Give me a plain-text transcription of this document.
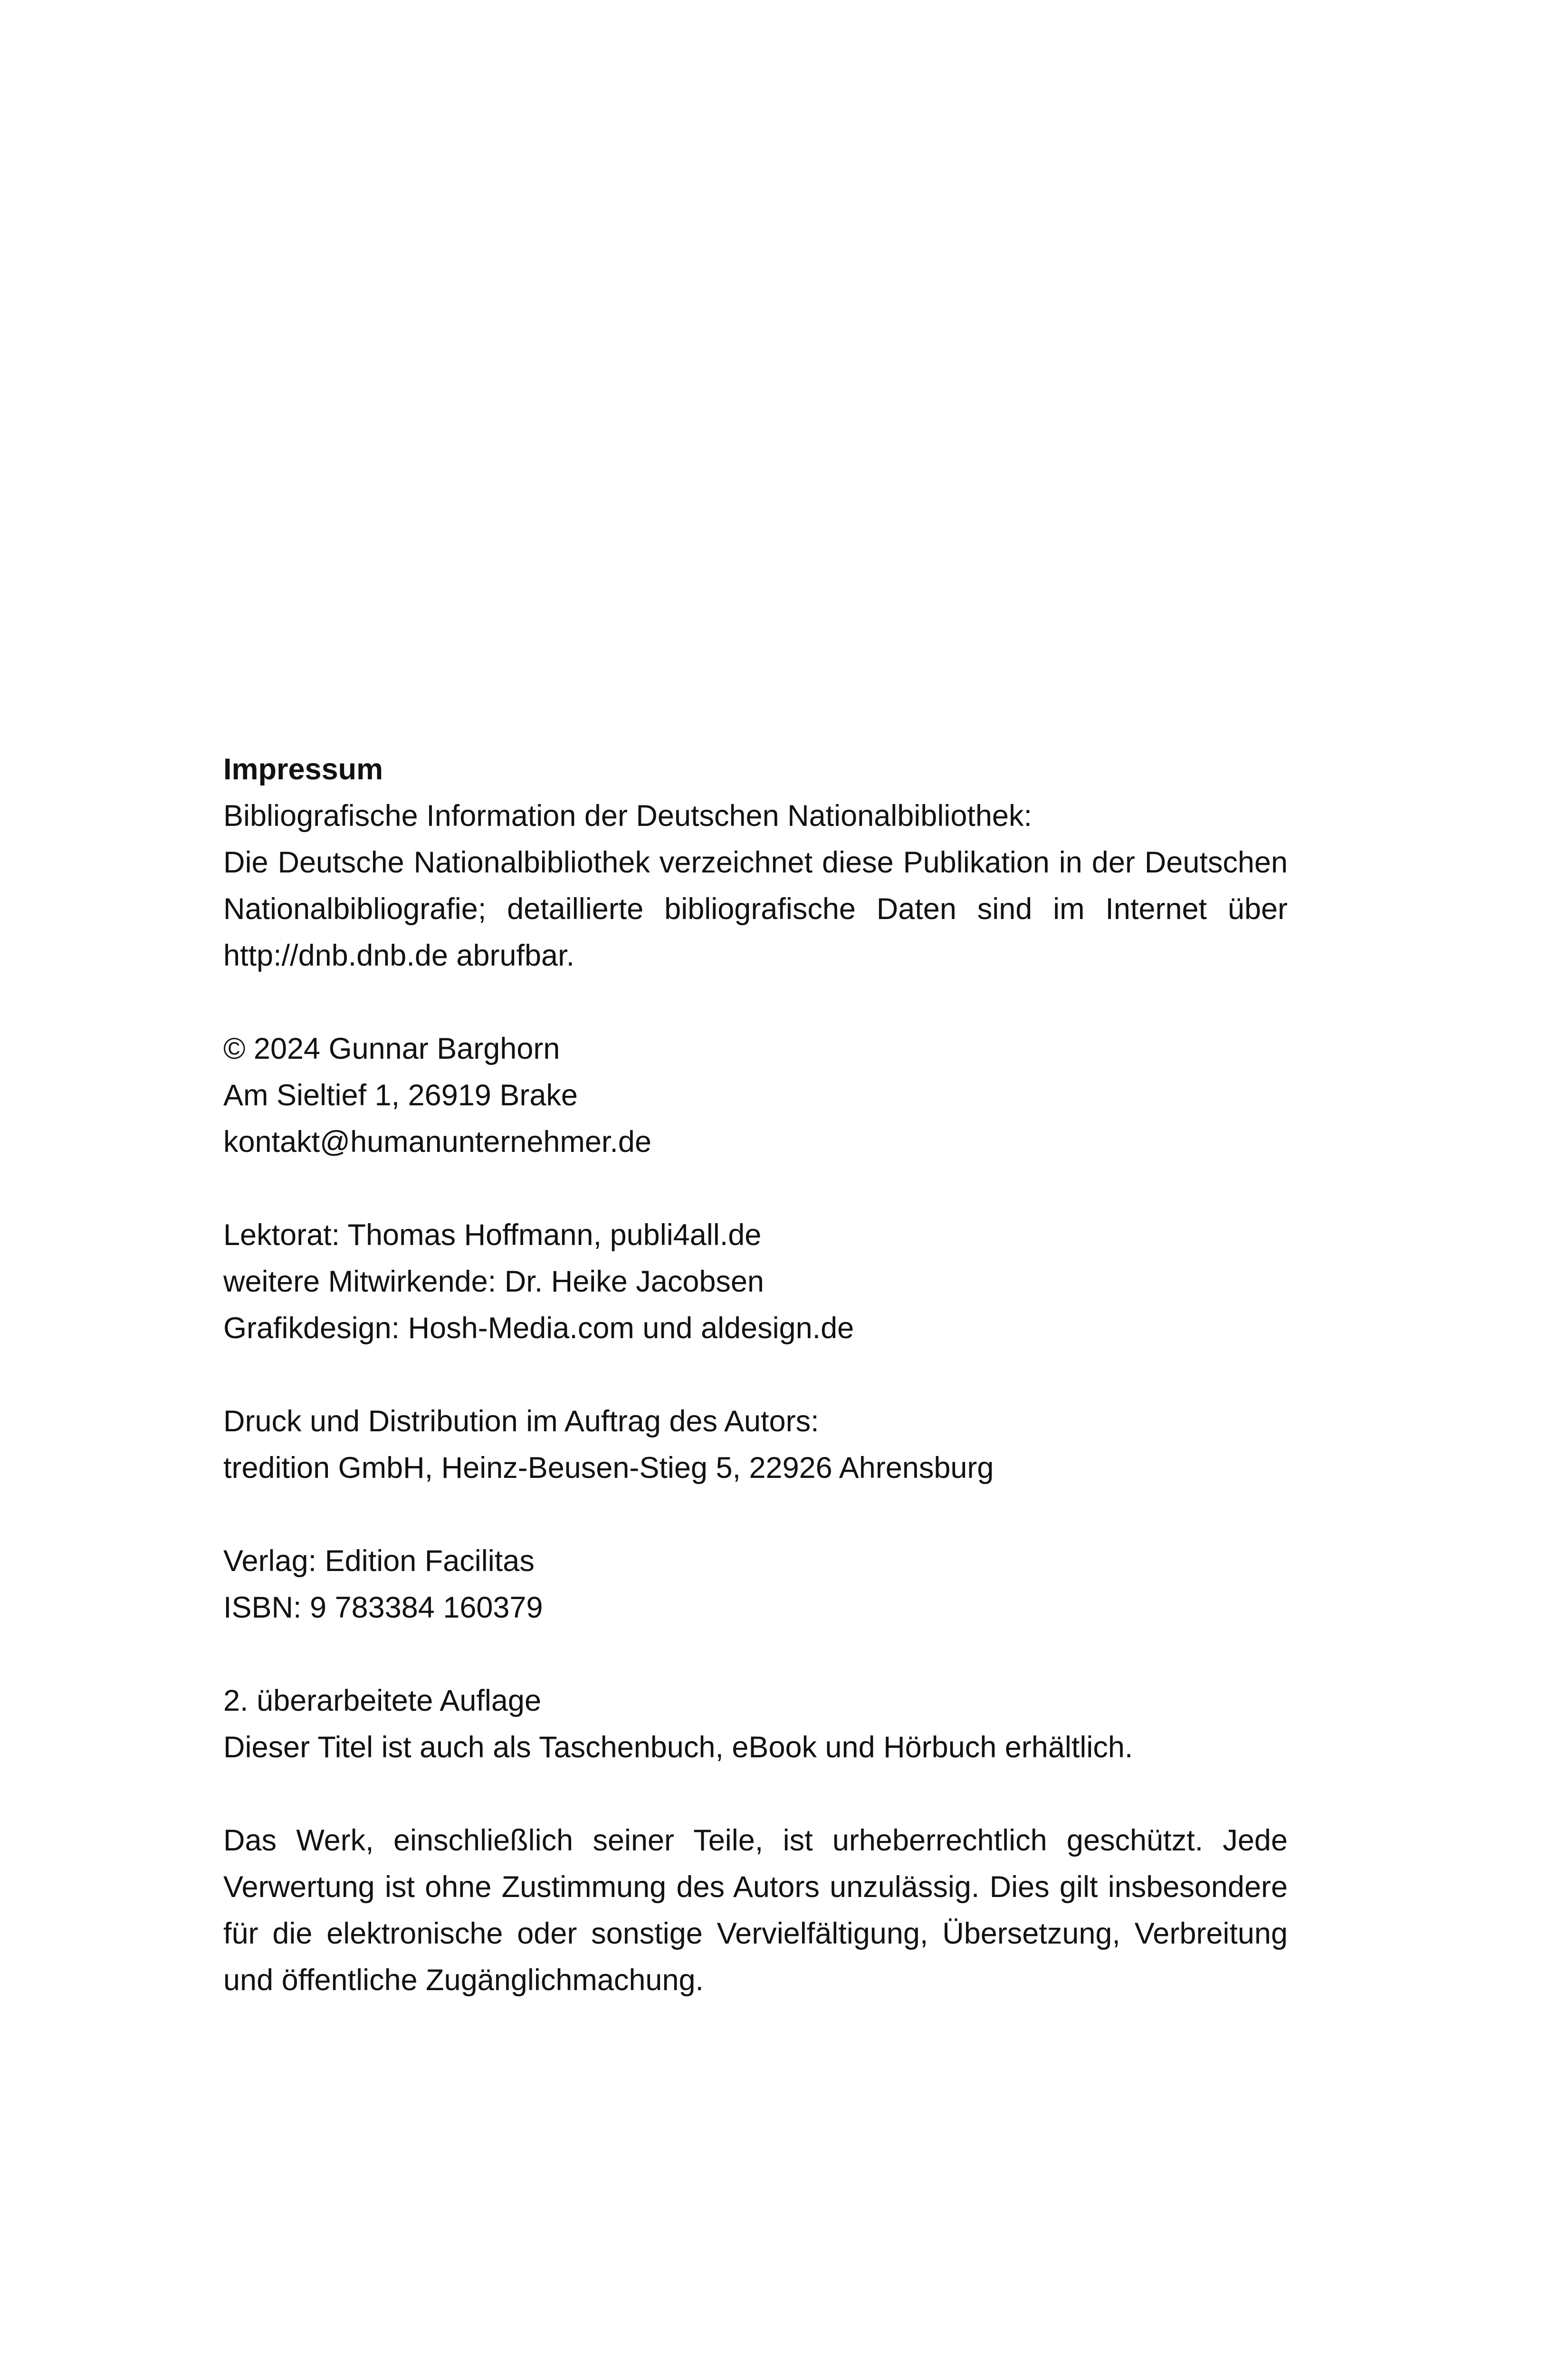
Impressum
Bibliografische Information der Deutschen Nationalbibliothek:
Die Deutsche Nationalbibliothek verzeichnet diese Publikation in der Deutschen Nationalbibliografie; detaillierte bibliografische Daten sind im Internet über http://dnb.dnb.de abrufbar.
© 2024 Gunnar Barghorn
Am Sieltief 1, 26919 Brake
kontakt@humanunternehmer.de
Lektorat: Thomas Hoffmann, publi4all.de
weitere Mitwirkende: Dr. Heike Jacobsen
Grafikdesign: Hosh-Media.com und aldesign.de
Druck und Distribution im Auftrag des Autors:
tredition GmbH, Heinz-Beusen-Stieg 5, 22926 Ahrensburg
Verlag: Edition Facilitas
ISBN: 9 783384 160379
2. überarbeitete Auflage
Dieser Titel ist auch als Taschenbuch, eBook und Hörbuch erhältlich.
Das Werk, einschließlich seiner Teile, ist urheberrechtlich geschützt. Jede Verwertung ist ohne Zustimmung des Autors unzulässig. Dies gilt insbesondere für die elektronische oder sonstige Vervielfältigung, Übersetzung, Verbreitung und öffentliche Zugänglichmachung.
